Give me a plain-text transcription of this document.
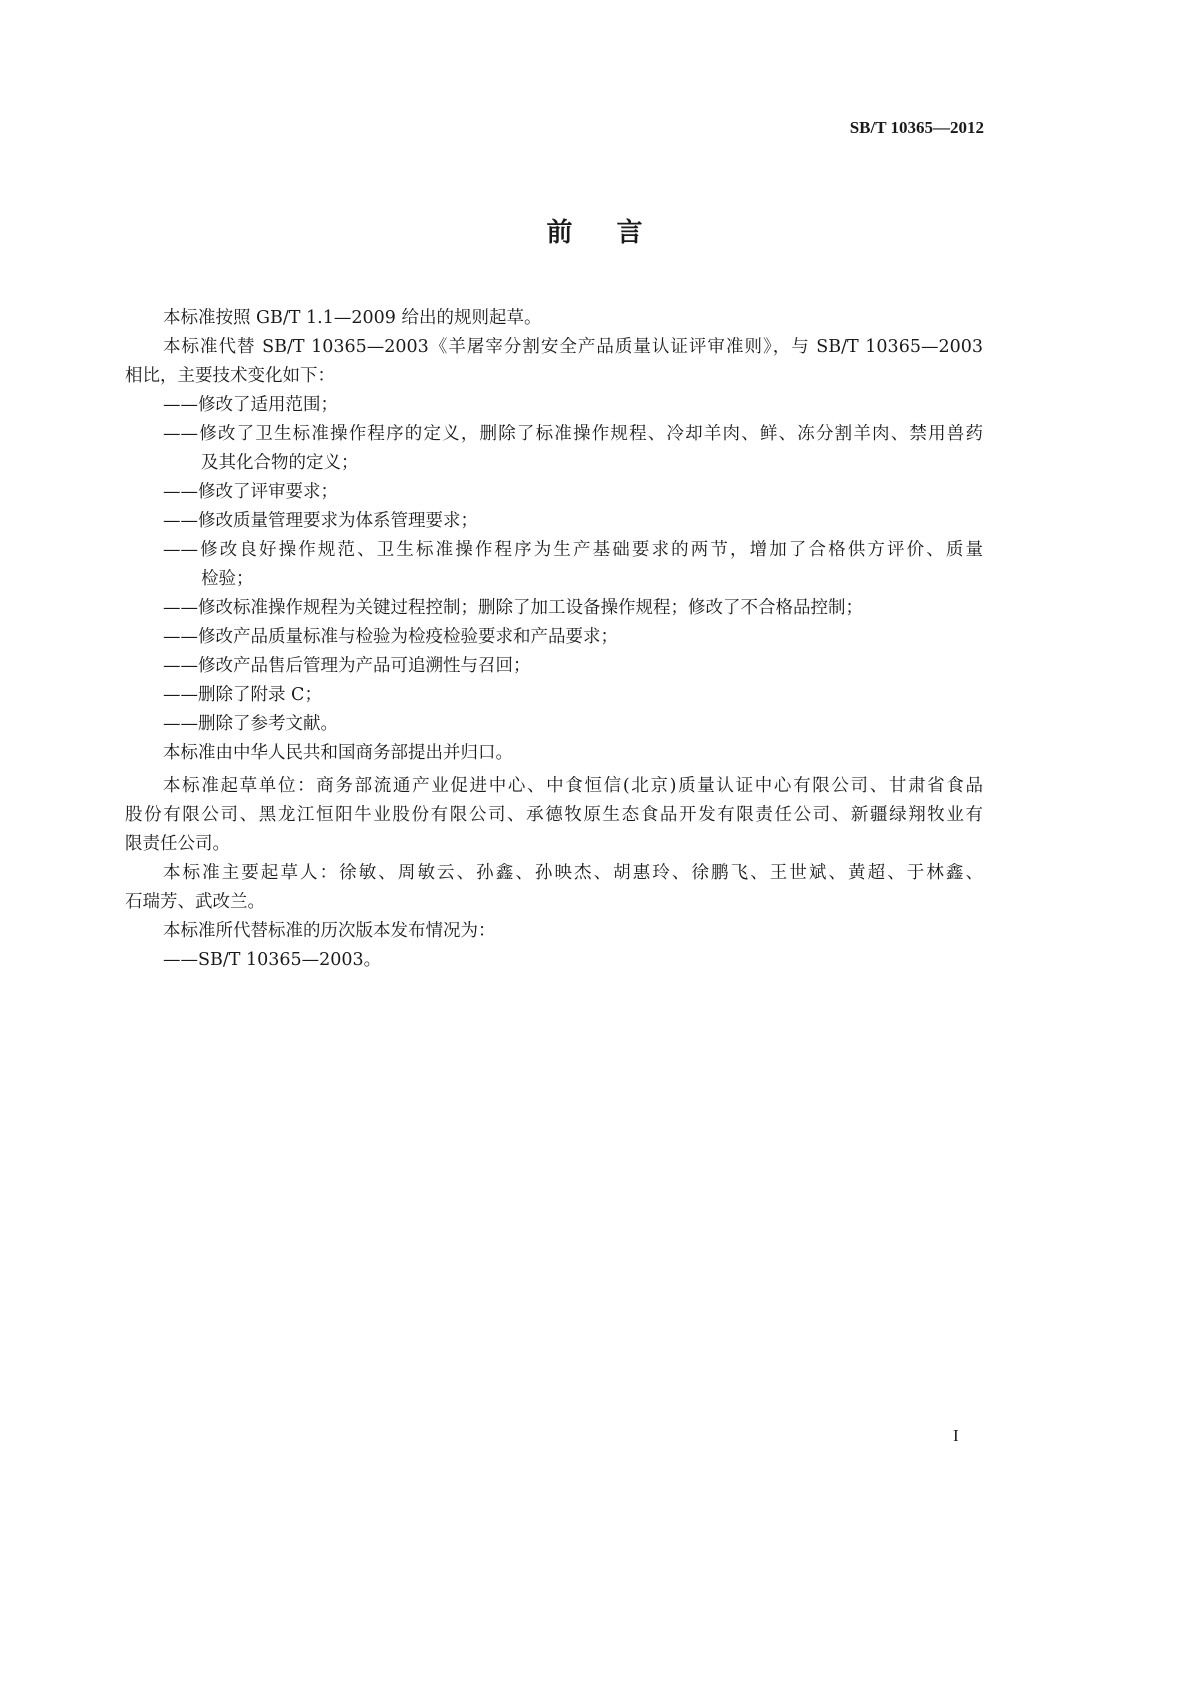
SB/T 10365—2012
前 言
本标准按照 GB/T 1.1—2009 给出的规则起草。
本标准代替 SB/T 10365—2003《羊屠宰分割安全产品质量认证评审准则》，与 SB/T 10365—2003
相比，主要技术变化如下：
——修改了适用范围；
——修改了卫生标准操作程序的定义，删除了标准操作规程、冷却羊肉、鲜、冻分割羊肉、禁用兽药
及其化合物的定义；
——修改了评审要求；
——修改质量管理要求为体系管理要求；
——修改良好操作规范、卫生标准操作程序为生产基础要求的两节，增加了合格供方评价、质量
检验；
——修改标准操作规程为关键过程控制；删除了加工设备操作规程；修改了不合格品控制；
——修改产品质量标准与检验为检疫检验要求和产品要求；
——修改产品售后管理为产品可追溯性与召回；
——删除了附录 C；
——删除了参考文献。
本标准由中华人民共和国商务部提出并归口。
本标准起草单位：商务部流通产业促进中心、中食恒信(北京)质量认证中心有限公司、甘肃省食品
股份有限公司、黑龙江恒阳牛业股份有限公司、承德牧原生态食品开发有限责任公司、新疆绿翔牧业有
限责任公司。
本标准主要起草人：徐敏、周敏云、孙鑫、孙映杰、胡惠玲、徐鹏飞、王世斌、黄超、于林鑫、
石瑞芳、武改兰。
本标准所代替标准的历次版本发布情况为：
——SB/T 10365—2003。
I
